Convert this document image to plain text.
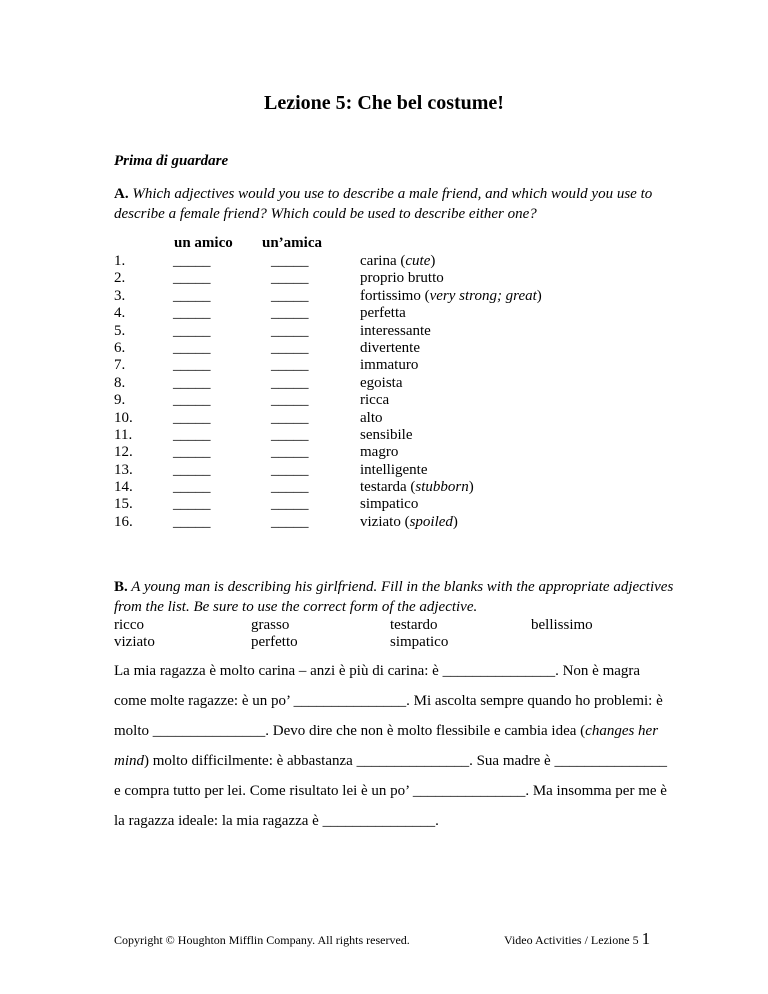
Lezione 5: Che bel costume!
Prima di guardare
A. Which adjectives would you use to describe a male friend, and which would you use to describe a female friend? Which could be used to describe either one?
un amico un’amica
1.
2.
3.
4.
5.
6.
7.
8.
9.
10.
11.
12.
13.
14.
15.
16.
_____
_____
_____
_____
_____
_____
_____
_____
_____
_____
_____
_____
_____
_____
_____
_____
_____
_____
_____
_____
_____
_____
_____
_____
_____
_____
_____
_____
_____
_____
_____
_____
carina (cute)
proprio brutto
fortissimo (very strong; great)
perfetta
interessante
divertente
immaturo
egoista
ricca
alto
sensibile
magro
intelligente
testarda (stubborn)
simpatico
viziato (spoiled)
B. A young man is describing his girlfriend. Fill in the blanks with the appropriate adjectives from the list. Be sure to use the correct form of the adjective.
ricco
viziato
grasso
perfetto
testardo
simpatico
bellissimo
La mia ragazza è molto carina – anzi è più di carina: è _______________. Non è magra come molte ragazze: è un po’ _______________. Mi ascolta sempre quando ho problemi: è molto _______________. Devo dire che non è molto flessibile e cambia idea (changes her mind) molto difficilmente: è abbastanza _______________. Sua madre è _______________ e compra tutto per lei. Come risultato lei è un po’ _______________. Ma insomma per me è la ragazza ideale: la mia ragazza è _______________.
Copyright © Houghton Mifflin Company. All rights reserved.	Video Activities / Lezione 5 1
